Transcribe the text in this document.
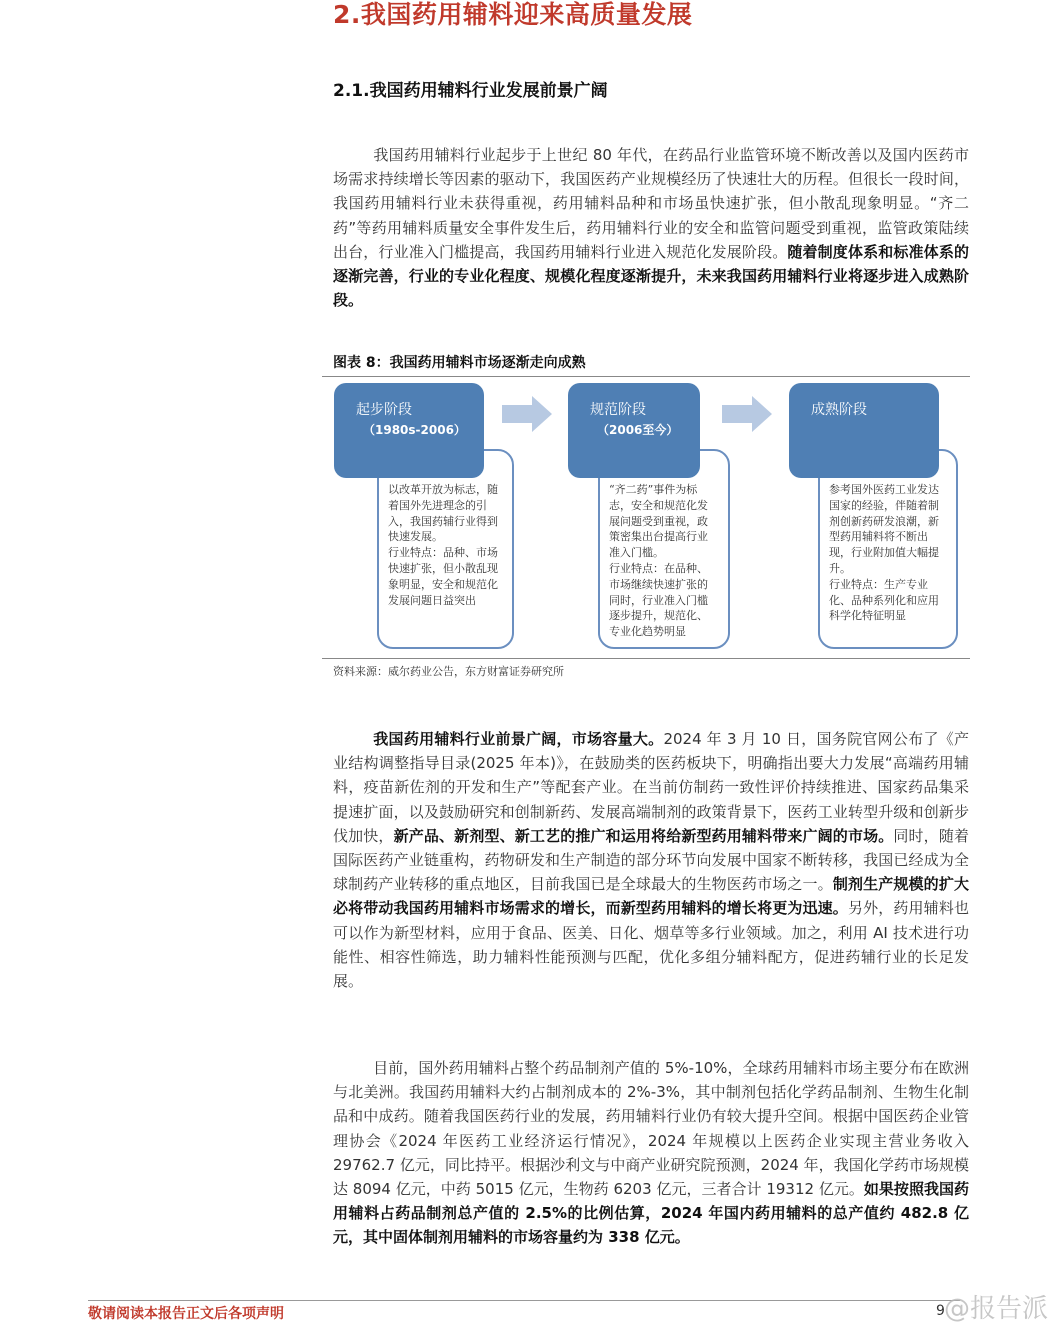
2.我国药用辅料迎来高质量发展
2.1.我国药用辅料行业发展前景广阔

我国药用辅料行业起步于上世纪 80 年代，在药品行业监管环境不断改善以及国内医药市场需求持续增长等因素的驱动下，我国医药产业规模经历了快速壮大的历程。但很长一段时间，我国药用辅料行业未获得重视，药用辅料品种和市场虽快速扩张，但小散乱现象明显。“齐二药”等药用辅料质量安全事件发生后，药用辅料行业的安全和监管问题受到重视，监管政策陆续出台，行业准入门槛提高，我国药用辅料行业进入规范化发展阶段。随着制度体系和标准体系的逐渐完善，行业的专业化程度、规模化程度逐渐提升，未来我国药用辅料行业将逐步进入成熟阶段。

图表 8：我国药用辅料市场逐渐走向成熟
以改革开放为标志，随着国外先进理念的引入，我国药辅行业得到快速发展。
行业特点：品种、市场快速扩张，但小散乱现象明显，安全和规范化发展问题日益突出
“齐二药”事件为标志，安全和规范化发展问题受到重视，政策密集出台提高行业准入门槛。
行业特点：在品种、市场继续快速扩张的同时，行业准入门槛逐步提升，规范化、专业化趋势明显
参考国外医药工业发达国家的经验，伴随着制剂创新药研发浪潮，新型药用辅料将不断出现，行业附加值大幅提升。
行业特点：生产专业化、品种系列化和应用科学化特征明显
起步阶段
（1980s-2006）
规范阶段
（2006至今）
成熟阶段
资料来源：威尔药业公告，东方财富证券研究所

我国药用辅料行业前景广阔，市场容量大。2024 年 3 月 10 日，国务院官网公布了《产业结构调整指导目录(2025 年本)》，在鼓励类的医药板块下，明确指出要大力发展“高端药用辅料，疫苗新佐剂的开发和生产”等配套产业。在当前仿制药一致性评价持续推进、国家药品集采提速扩面，以及鼓励研究和创制新药、发展高端制剂的政策背景下，医药工业转型升级和创新步伐加快，新产品、新剂型、新工艺的推广和运用将给新型药用辅料带来广阔的市场。同时，随着国际医药产业链重构，药物研发和生产制造的部分环节向发展中国家不断转移，我国已经成为全球制药产业转移的重点地区，目前我国已是全球最大的生物医药市场之一。制剂生产规模的扩大必将带动我国药用辅料市场需求的增长，而新型药用辅料的增长将更为迅速。另外，药用辅料也可以作为新型材料，应用于食品、医美、日化、烟草等多行业领域。加之，利用 AI 技术进行功能性、相容性筛选，助力辅料性能预测与匹配，优化多组分辅料配方，促进药辅行业的长足发展。

目前，国外药用辅料占整个药品制剂产值的 5%-10%，全球药用辅料市场主要分布在欧洲与北美洲。我国药用辅料大约占制剂成本的 2%-3%，其中制剂包括化学药品制剂、生物生化制品和中成药。随着我国医药行业的发展，药用辅料行业仍有较大提升空间。根据中国医药企业管理协会《2024 年医药工业经济运行情况》，2024 年规模以上医药企业实现主营业务收入 29762.7 亿元，同比持平。根据沙利文与中商产业研究院预测，2024 年，我国化学药市场规模达 8094 亿元，中药 5015 亿元，生物药 6203 亿元，三者合计 19312 亿元。如果按照我国药用辅料占药品制剂总产值的 2.5%的比例估算，2024 年国内药用辅料的总产值约 482.8 亿元，其中固体制剂用辅料的市场容量约为 338 亿元。

敬请阅读本报告正文后各项声明	9 @报告派
